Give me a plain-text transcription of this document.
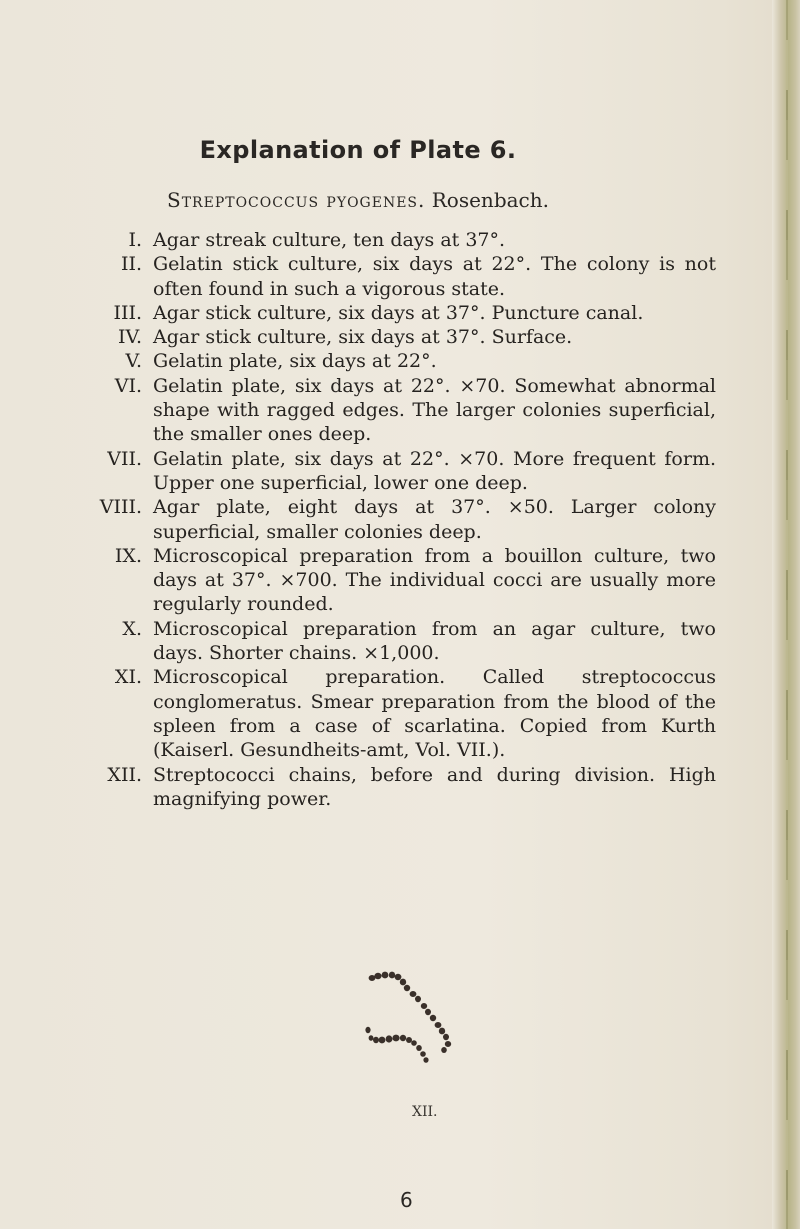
Explanation of Plate 6.
Streptococcus pyogenes. Rosenbach.
I. Agar streak culture, ten days at 37°.
II. Gelatin stick culture, six days at 22°. The colony is not often found in such a vigorous state.
III. Agar stick culture, six days at 37°. Puncture canal.
IV. Agar stick culture, six days at 37°. Surface.
V. Gelatin plate, six days at 22°.
VI. Gelatin plate, six days at 22°. ×70. Somewhat abnormal shape with ragged edges. The larger colonies superficial, the smaller ones deep.
VII. Gelatin plate, six days at 22°. ×70. More frequent form. Upper one superficial, lower one deep.
VIII. Agar plate, eight days at 37°. ×50. Larger colony superficial, smaller colonies deep.
IX. Microscopical preparation from a bouillon culture, two days at 37°. ×700. The individual cocci are usually more regularly rounded.
X. Microscopical preparation from an agar culture, two days. Shorter chains. ×1,000.
XI. Microscopical preparation. Called streptococcus conglomeratus. Smear preparation from the blood of the spleen from a case of scarlatina. Copied from Kurth (Kaiserl. Gesundheits-amt, Vol. VII.).
XII. Streptococci chains, before and during division. High magnifying power.
XII.
6
